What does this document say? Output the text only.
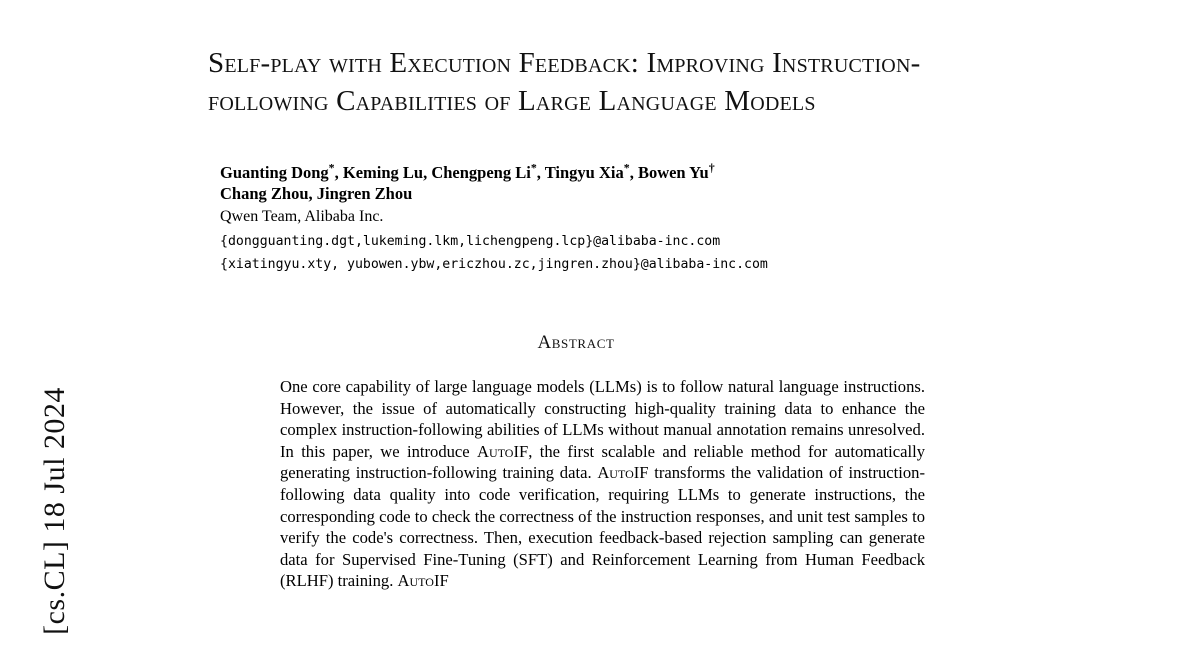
[cs.CL] 18 Jul 2024
Self-play with Execution Feedback: Improving Instruction-following Capabilities of Large Language Models
Guanting Dong*, Keming Lu, Chengpeng Li*, Tingyu Xia*, Bowen Yu†
Chang Zhou, Jingren Zhou
Qwen Team, Alibaba Inc.
{dongguanting.dgt,lukeming.lkm,lichengpeng.lcp}@alibaba-inc.com
{xiatingyu.xty, yubowen.ybw,ericzhou.zc,jingren.zhou}@alibaba-inc.com
Abstract

One core capability of large language models (LLMs) is to follow natural language instructions. However, the issue of automatically constructing high-quality training data to enhance the complex instruction-following abilities of LLMs without manual annotation remains unresolved. In this paper, we introduce AutoIF, the first scalable and reliable method for automatically generating instruction-following training data. AutoIF transforms the validation of instruction-following data quality into code verification, requiring LLMs to generate instructions, the corresponding code to check the correctness of the instruction responses, and unit test samples to verify the code's correctness. Then, execution feedback-based rejection sampling can generate data for Supervised Fine-Tuning (SFT) and Reinforcement Learning from Human Feedback (RLHF) training. AutoIF
